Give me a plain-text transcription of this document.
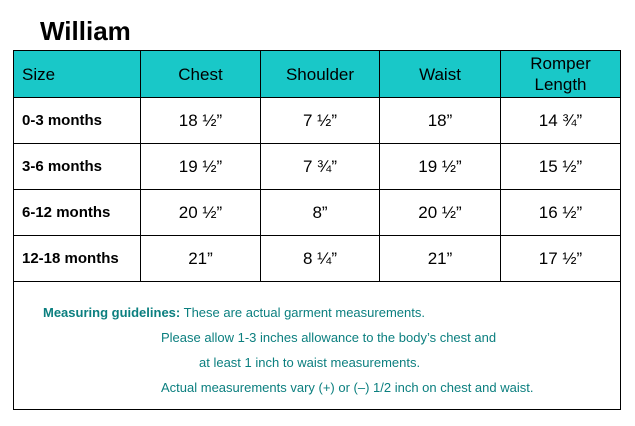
William
Size	Chest	Shoulder	Waist	Romper
Length
0-3 months	18 ½”	7 ½”	18”	14 ¾”
3-6 months	19 ½”	7 ¾”	19 ½”	15 ½”
6-12 months	20 ½”	8”	20 ½”	16 ½”
12-18 months	21”	8 ¼”	21”	17 ½”
Measuring guidelines: These are actual garment measurements.
Please allow 1-3 inches allowance to the body’s chest and
at least 1 inch to waist measurements.
Actual measurements vary (+) or (–) 1/2 inch on chest and waist.
